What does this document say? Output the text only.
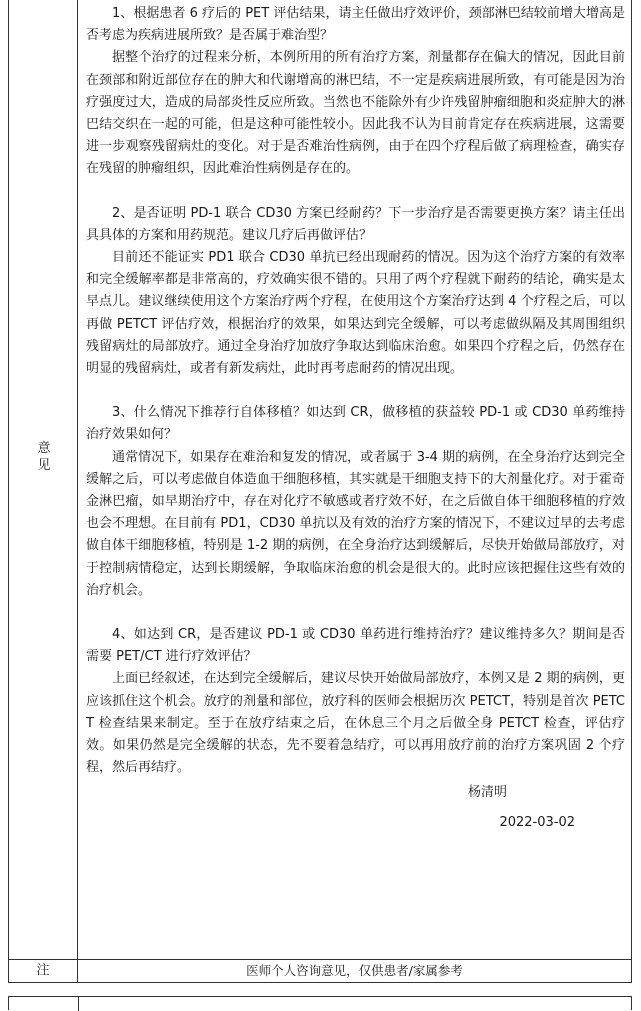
意见

1、根据患者 6 疗后的 PET 评估结果，请主任做出疗效评价，颈部淋巴结较前增大增高是否考虑为疾病进展所致？是否属于难治型？

据整个治疗的过程来分析，本例所用的所有治疗方案，剂量都存在偏大的情况，因此目前在颈部和附近部位存在的肿大和代谢增高的淋巴结，不一定是疾病进展所致，有可能是因为治疗强度过大，造成的局部炎性反应所致。当然也不能除外有少许残留肿瘤细胞和炎症肿大的淋巴结交织在一起的可能，但是这种可能性较小。因此我不认为目前肯定存在疾病进展，这需要进一步观察残留病灶的变化。对于是否难治性病例，由于在四个疗程后做了病理检查，确实存在残留的肿瘤组织，因此难治性病例是存在的。

2、是否证明 PD-1 联合 CD30 方案已经耐药？下一步治疗是否需要更换方案？请主任出具具体的方案和用药规范。建议几疗后再做评估？

目前还不能证实 PD1 联合 CD30 单抗已经出现耐药的情况。因为这个治疗方案的有效率和完全缓解率都是非常高的，疗效确实很不错的。只用了两个疗程就下耐药的结论，确实是太早点儿。建议继续使用这个方案治疗两个疗程，在使用这个方案治疗达到 4 个疗程之后，可以再做 PETCT 评估疗效，根据治疗的效果，如果达到完全缓解，可以考虑做纵隔及其周围组织残留病灶的局部放疗。通过全身治疗加放疗争取达到临床治愈。如果四个疗程之后，仍然存在明显的残留病灶，或者有新发病灶，此时再考虑耐药的情况出现。

3、什么情况下推荐行自体移植？如达到 CR，做移植的获益较 PD-1 或 CD30 单药维持治疗效果如何？

通常情况下，如果存在难治和复发的情况，或者属于 3-4 期的病例，在全身治疗达到完全缓解之后，可以考虑做自体造血干细胞移植，其实就是干细胞支持下的大剂量化疗。对于霍奇金淋巴瘤，如早期治疗中，存在对化疗不敏感或者疗效不好，在之后做自体干细胞移植的疗效也会不理想。在目前有 PD1，CD30 单抗以及有效的治疗方案的情况下，不建议过早的去考虑做自体干细胞移植，特别是 1-2 期的病例，在全身治疗达到缓解后，尽快开始做局部放疗，对于控制病情稳定，达到长期缓解，争取临床治愈的机会是很大的。此时应该把握住这些有效的治疗机会。

4、如达到 CR，是否建议 PD-1 或 CD30 单药进行维持治疗？建议维持多久？期间是否需要 PET/CT 进行疗效评估？

上面已经叙述，在达到完全缓解后，建议尽快开始做局部放疗，本例又是 2 期的病例，更应该抓住这个机会。放疗的剂量和部位，放疗科的医师会根据历次 PETCT，特别是首次 PETCT 检查结果来制定。至于在放疗结束之后，在休息三个月之后做全身 PETCT 检查，评估疗效。如果仍然是完全缓解的状态，先不要着急结疗，可以再用放疗前的治疗方案巩固 2 个疗程，然后再结疗。

杨清明
2022-03-02
注	医师个人咨询意见，仅供患者/家属参考
